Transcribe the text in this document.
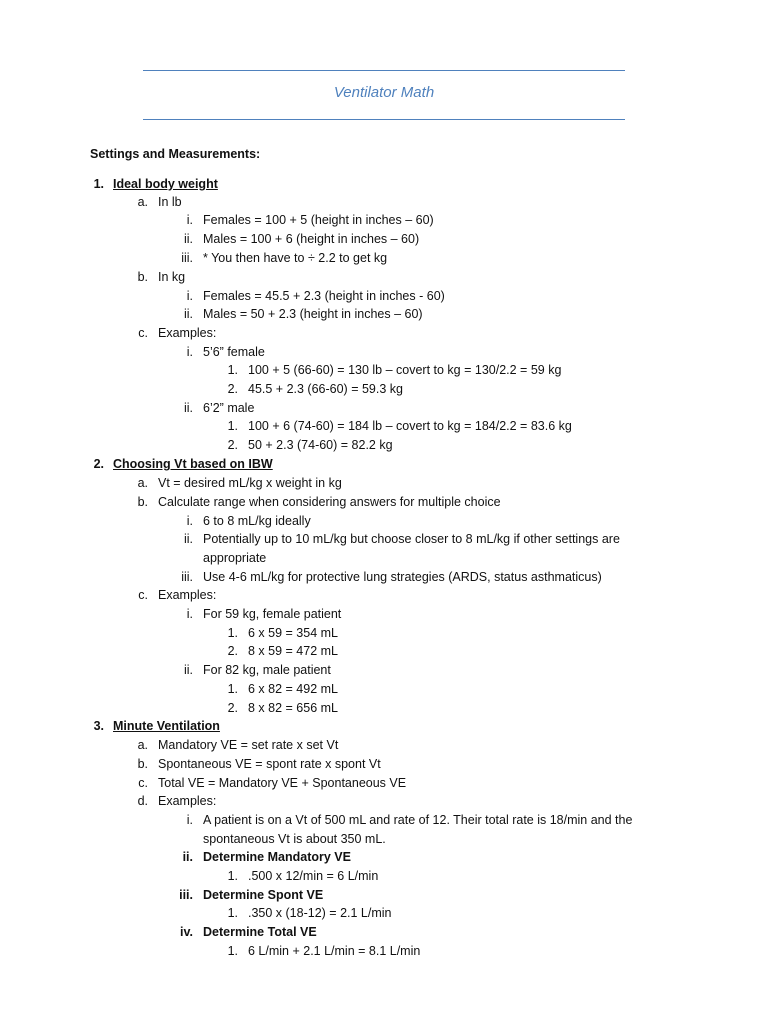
Ventilator Math
Settings and Measurements:
1. Ideal body weight
a. In lb
i. Females = 100 + 5 (height in inches – 60)
ii. Males = 100 + 6 (height in inches – 60)
iii. * You then have to ÷ 2.2 to get kg
b. In kg
i. Females = 45.5 + 2.3 (height in inches - 60)
ii. Males = 50 + 2.3 (height in inches – 60)
c. Examples:
i. 5’6” female
1. 100 + 5 (66-60) = 130 lb – covert to kg = 130/2.2 = 59 kg
2. 45.5 + 2.3 (66-60) = 59.3 kg
ii. 6’2” male
1. 100 + 6 (74-60) = 184 lb – covert to kg = 184/2.2 = 83.6 kg
2. 50 + 2.3 (74-60) = 82.2 kg
2. Choosing Vt based on IBW
a. Vt = desired mL/kg x weight in kg
b. Calculate range when considering answers for multiple choice
i. 6 to 8 mL/kg ideally
ii. Potentially up to 10 mL/kg but choose closer to 8 mL/kg if other settings are
appropriate
iii. Use 4-6 mL/kg for protective lung strategies (ARDS, status asthmaticus)
c. Examples:
i. For 59 kg, female patient
1. 6 x 59 = 354 mL
2. 8 x 59 = 472 mL
ii. For 82 kg, male patient
1. 6 x 82 = 492 mL
2. 8 x 82 = 656 mL
3. Minute Ventilation
a. Mandatory VE = set rate x set Vt
b. Spontaneous VE = spont rate x spont Vt
c. Total VE = Mandatory VE + Spontaneous VE
d. Examples:
i. A patient is on a Vt of 500 mL and rate of 12. Their total rate is 18/min and the
spontaneous Vt is about 350 mL.
ii. Determine Mandatory VE
1. .500 x 12/min = 6 L/min
iii. Determine Spont VE
1. .350 x (18-12) = 2.1 L/min
iv. Determine Total VE
1. 6 L/min + 2.1 L/min = 8.1 L/min
